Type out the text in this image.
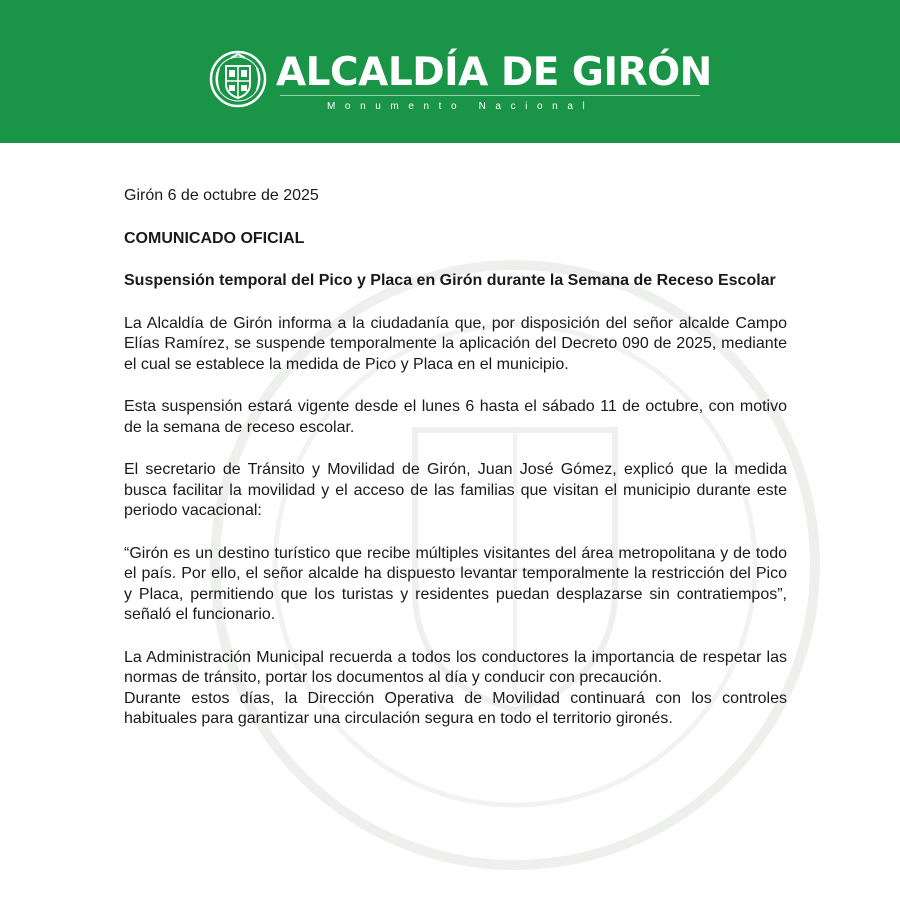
ALCALDÍA DE GIRÓN
Monumento Nacional

Girón 6 de octubre de 2025

COMUNICADO OFICIAL

Suspensión temporal del Pico y Placa en Girón durante la Semana de Receso Escolar

La Alcaldía de Girón informa a la ciudadanía que, por disposición del señor alcalde Campo Elías Ramírez, se suspende temporalmente la aplicación del Decreto 090 de 2025, mediante el cual se establece la medida de Pico y Placa en el municipio.

Esta suspensión estará vigente desde el lunes 6 hasta el sábado 11 de octubre, con motivo de la semana de receso escolar.

El secretario de Tránsito y Movilidad de Girón, Juan José Gómez, explicó que la medida busca facilitar la movilidad y el acceso de las familias que visitan el municipio durante este periodo vacacional:

“Girón es un destino turístico que recibe múltiples visitantes del área metropolitana y de todo el país. Por ello, el señor alcalde ha dispuesto levantar temporalmente la restricción del Pico y Placa, permitiendo que los turistas y residentes puedan desplazarse sin contratiempos”, señaló el funcionario.

La Administración Municipal recuerda a todos los conductores la importancia de respetar las normas de tránsito, portar los documentos al día y conducir con precaución.

Durante estos días, la Dirección Operativa de Movilidad continuará con los controles habituales para garantizar una circulación segura en todo el territorio gironés.
